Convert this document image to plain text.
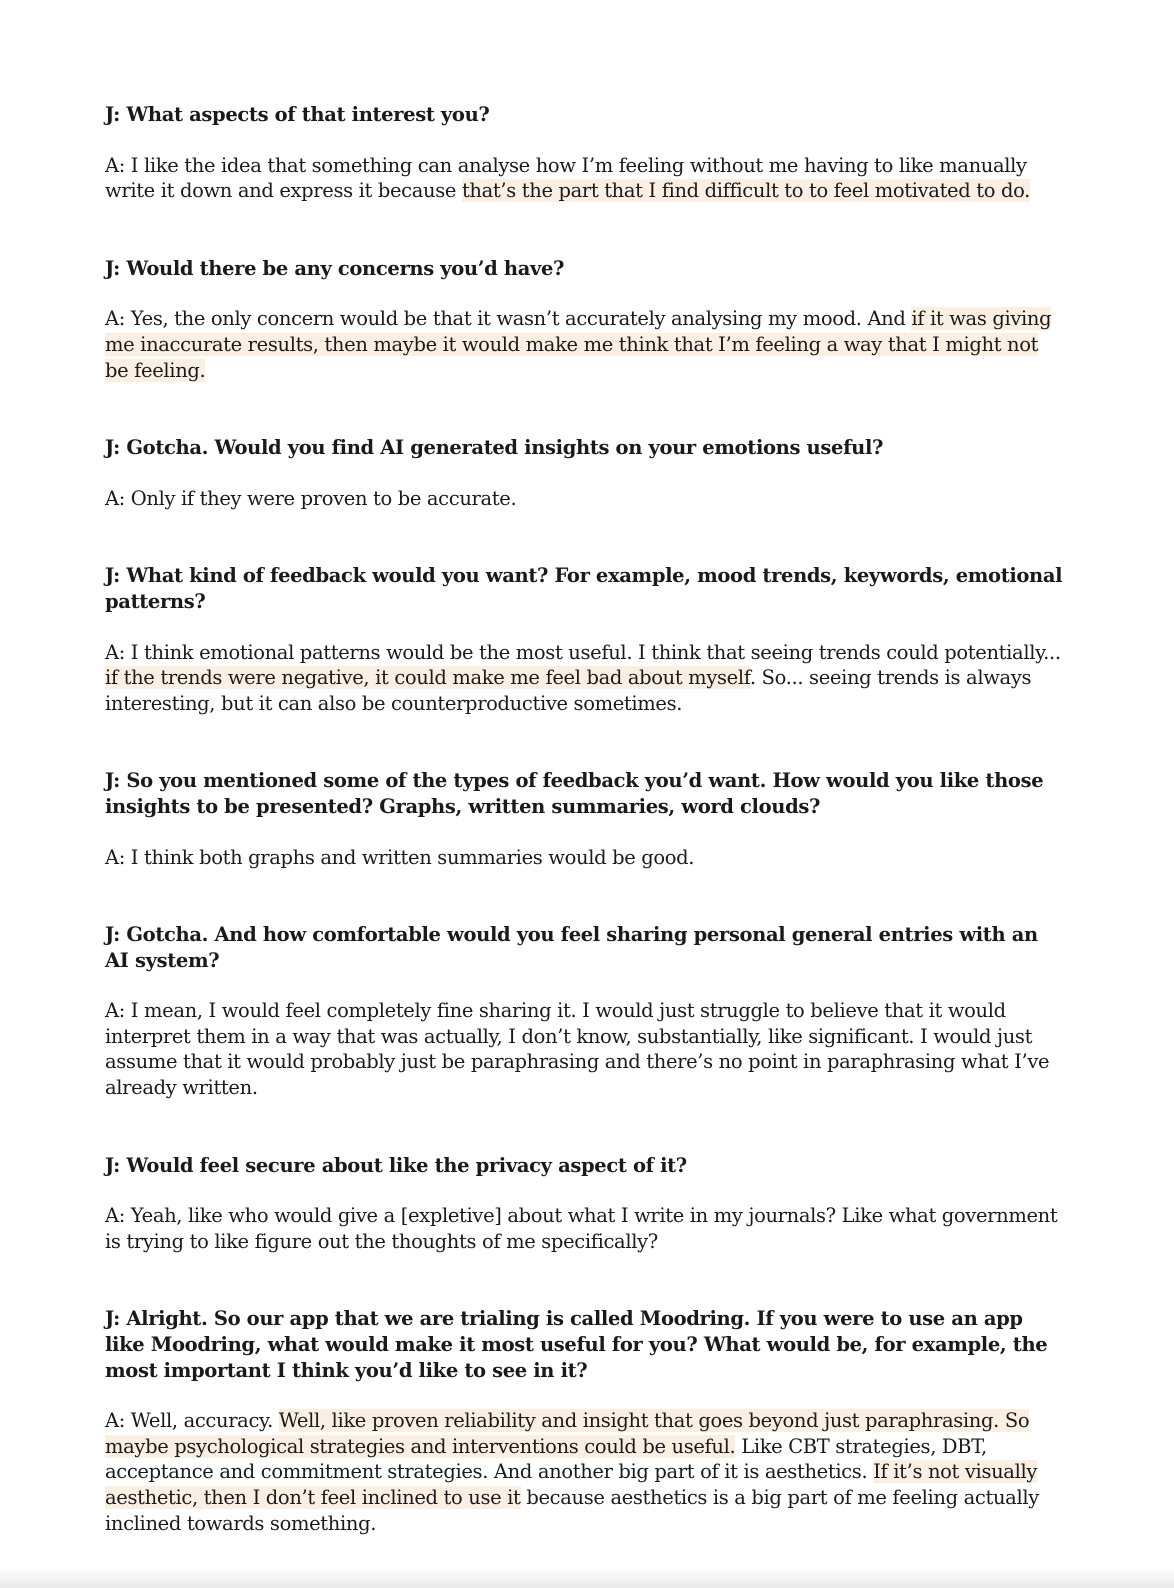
J: What aspects of that interest you?

A: I like the idea that something can analyse how I’m feeling without me having to like manually write it down and express it because that’s the part that I find difficult to to feel motivated to do.

J: Would there be any concerns you’d have?

A: Yes, the only concern would be that it wasn’t accurately analysing my mood. And if it was giving me inaccurate results, then maybe it would make me think that I’m feeling a way that I might not be feeling.

J: Gotcha. Would you find AI generated insights on your emotions useful?

A: Only if they were proven to be accurate.

J: What kind of feedback would you want? For example, mood trends, keywords, emotional patterns?

A: I think emotional patterns would be the most useful. I think that seeing trends could potentially... if the trends were negative, it could make me feel bad about myself. So... seeing trends is always interesting, but it can also be counterproductive sometimes.

J: So you mentioned some of the types of feedback you’d want. How would you like those insights to be presented? Graphs, written summaries, word clouds?

A: I think both graphs and written summaries would be good.

J: Gotcha. And how comfortable would you feel sharing personal general entries with an AI system?

A: I mean, I would feel completely fine sharing it. I would just struggle to believe that it would interpret them in a way that was actually, I don’t know, substantially, like significant. I would just assume that it would probably just be paraphrasing and there’s no point in paraphrasing what I’ve already written.

J: Would feel secure about like the privacy aspect of it?

A: Yeah, like who would give a [expletive] about what I write in my journals? Like what government is trying to like figure out the thoughts of me specifically?

J: Alright. So our app that we are trialing is called Moodring. If you were to use an app like Moodring, what would make it most useful for you? What would be, for example, the most important I think you’d like to see in it?

A: Well, accuracy. Well, like proven reliability and insight that goes beyond just paraphrasing. So maybe psychological strategies and interventions could be useful. Like CBT strategies, DBT, acceptance and commitment strategies. And another big part of it is aesthetics. If it’s not visually aesthetic, then I don’t feel inclined to use it because aesthetics is a big part of me feeling actually inclined towards something.
